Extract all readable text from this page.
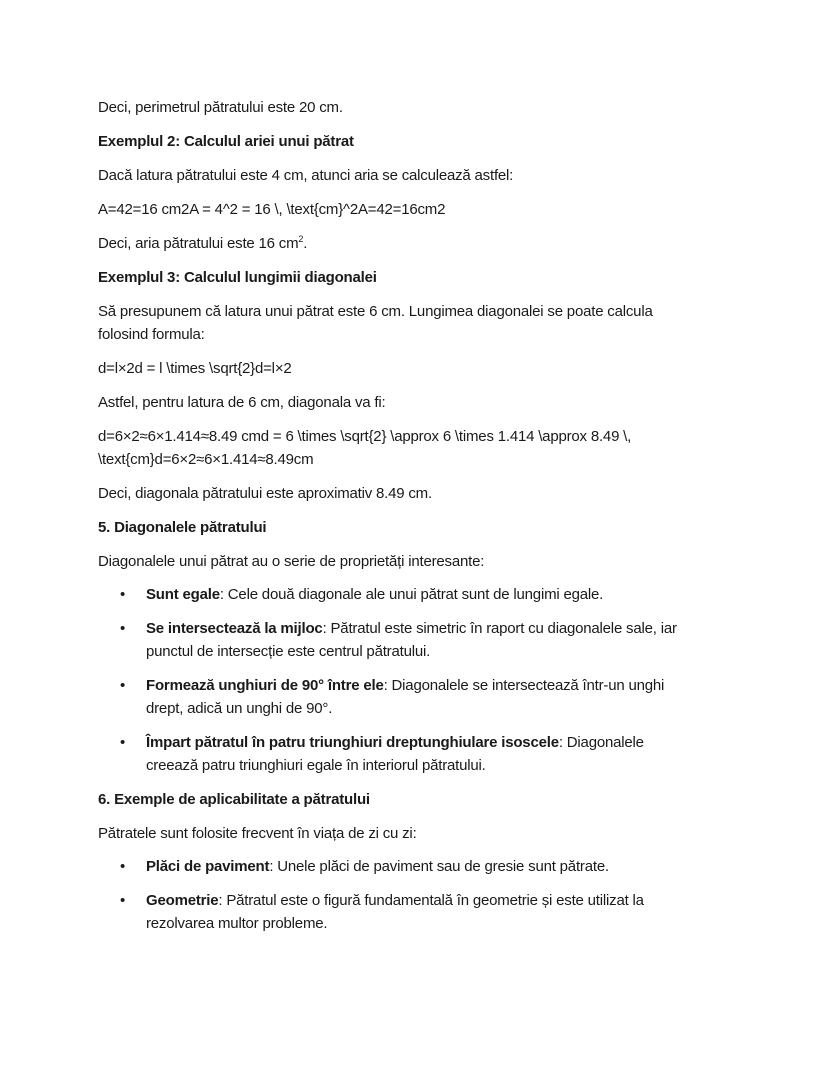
Deci, perimetrul pătratului este 20 cm.
Exemplul 2: Calculul ariei unui pătrat
Dacă latura pătratului este 4 cm, atunci aria se calculează astfel:
A=42=16 cm2A = 4^2 = 16 \, \text{cm}^2A=42=16cm2
Deci, aria pătratului este 16 $cm^2$.
Exemplul 3: Calculul lungimii diagonalei
Să presupunem că latura unui pătrat este 6 cm. Lungimea diagonalei se poate calcula
folosind formula:
d=l×2d = l \times \sqrt{2}d=l×2
Astfel, pentru latura de 6 cm, diagonala va fi:
d=6×2≈6×1.414≈8.49 cmd = 6 \times \sqrt{2} \approx 6 \times 1.414 \approx 8.49 \,
\text{cm}d=6×2≈6×1.414≈8.49cm
Deci, diagonala pătratului este aproximativ 8.49 cm.
5. Diagonalele pătratului
Diagonalele unui pătrat au o serie de proprietăți interesante:
• Sunt egale: Cele două diagonale ale unui pătrat sunt de lungimi egale.
• Se intersectează la mijloc: Pătratul este simetric în raport cu diagonalele sale, iar
punctul de intersecție este centrul pătratului.
• Formează unghiuri de 90° între ele: Diagonalele se intersectează într-un unghi
drept, adică un unghi de 90°.
• Împart pătratul în patru triunghiuri dreptunghiulare isoscele: Diagonalele
creează patru triunghiuri egale în interiorul pătratului.
6. Exemple de aplicabilitate a pătratului
Pătratele sunt folosite frecvent în viața de zi cu zi:
• Plăci de paviment: Unele plăci de paviment sau de gresie sunt pătrate.
• Geometrie: Pătratul este o figură fundamentală în geometrie și este utilizat la
rezolvarea multor probleme.
